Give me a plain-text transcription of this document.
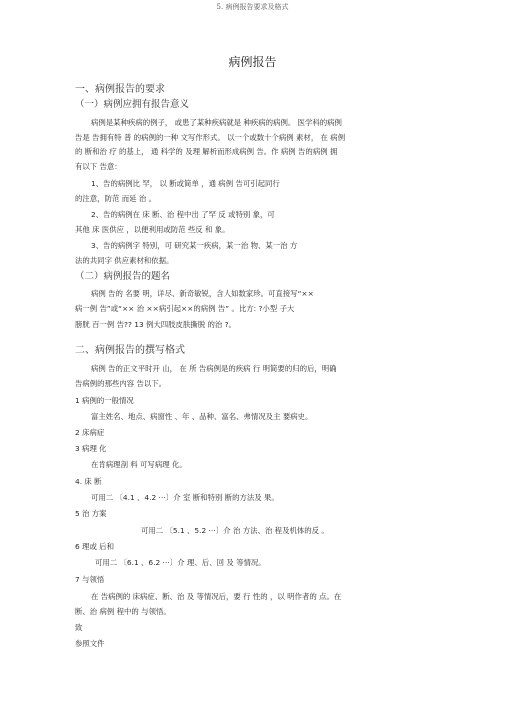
5. 病例报告要求及格式
病例报告
一、病例报告的要求
（一）病例应拥有报告意义
病例是某种疾病的例子， 或患了某种疾病就是 种疾病的病例。 医学科的病例
告是 告拥有特 普 的病例的一种 文写作形式。 以一个或数十个病例 素材， 在 病例
的 断和治 疗 的基上， 通 科学的 及理 解析而形成病例 告。作 病例 告的病例 拥
有以下 告意：
1、告的病例比 罕， 以 断或简单 ，通 病例 告可引起同行
的注意，防范 而延 治 。
2、告的病例在 床 断、治 程中出 了罕 反 或特别 象，可
其他 床 医供应 ，以便利用或防范 些反 和 象。
3、告的病例字 特别，可 研究某一疾病，某一治 物、某一治 方
法的共同字 供应素材和依据。
（二）病例报告的题名
病例 告的 名要 明，详尽、新奇敏锐，含人如数家珍。可直接写“××
病一例 告”或“×× 治 ××病引起××的病例 告” 。比方: ?小型 子大
膀胱 百一例 告?? 13 例大四肢皮肤撕脱 的治 ?。
二、病例报告的撰写格式
病例 告的正文平时开 山， 在 所 告病例是的疾病 行 明简要的归的后，明确
告病例的那些内容 告以下。
1 病例的一般情况
富主姓名、地点、病窗性 、年 、品种、富名、弗情况及主 要病史。
2 床病症
3 病理 化
在肯病理剖 料 可写病理 化。
4. 床 断
可用二 〔4.1 、4.2 ⋯〕介 室 断和特别 断的方法及 果。
5 治 方案
可用二 〔5.1 、5.2 ⋯〕介 治 方法、治 程及机体的反 。
6 理或 后和
可用二 〔6.1 、6.2 ⋯〕介 理、后、回 及 等情况。
7 与领悟
在 告病例的 床病症、断、治 及 等情况后，要 行 性的 ，以 明作者的 点。在
断、治 病例 程中的 与领悟。
致
参照文件
